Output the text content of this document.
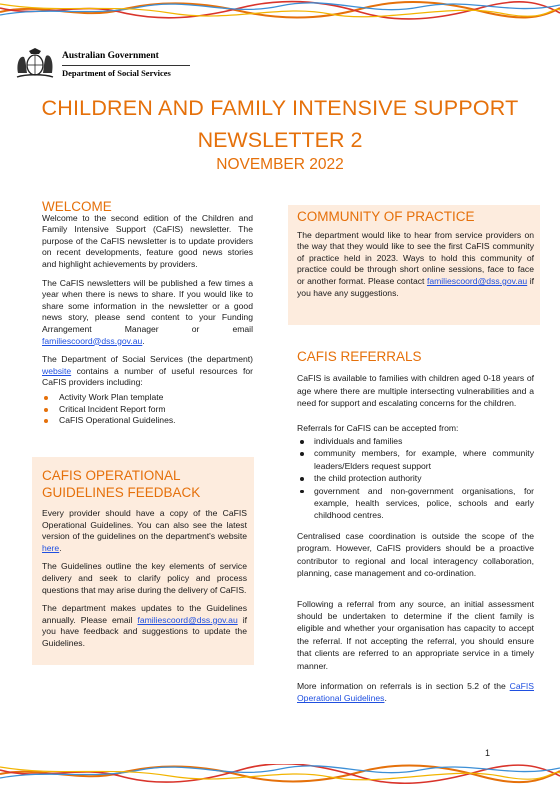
Australian Government
Department of Social Services
CHILDREN AND FAMILY INTENSIVE SUPPORT
NEWSLETTER 2
NOVEMBER 2022
WELCOME

Welcome to the second edition of the Children and Family Intensive Support (CaFIS) newsletter. The purpose of the CaFIS newsletter is to update providers on recent developments, feature good news stories and highlight achievements by providers.

The CaFIS newsletters will be published a few times a year when there is news to share. If you would like to share some information in the newsletter or a good news story, please send content to your Funding Arrangement Manager or email familiescoord@dss.gov.au.

The Department of Social Services (the department) website contains a number of useful resources for CaFIS providers including:

Activity Work Plan template
Critical Incident Report form
CaFIS Operational Guidelines.
CAFIS OPERATIONAL GUIDELINES FEEDBACK

Every provider should have a copy of the CaFIS Operational Guidelines. You can also see the latest version of the guidelines on the department's website here.

The Guidelines outline the key elements of service delivery and seek to clarify policy and process questions that may arise during the delivery of CaFIS.

The department makes updates to the Guidelines annually. Please email familiescoord@dss.gov.au if you have feedback and suggestions to update the Guidelines.

COMMUNITY OF PRACTICE

The department would like to hear from service providers on the way that they would like to see the first CaFIS community of practice held in 2023. Ways to hold this community of practice could be through short online sessions, face to face or another format. Please contact familiescoord@dss.gov.au if you have any suggestions.

CAFIS REFERRALS

CaFIS is available to families with children aged 0-18 years of age where there are multiple intersecting vulnerabilities and a need for support and escalating concerns for the children.

Referrals for CaFIS can be accepted from:

individuals and families
community members, for example, where community leaders/Elders request support
the child protection authority
government and non-government organisations, for example, health services, police, schools and early childhood centres.

Centralised case coordination is outside the scope of the program. However, CaFIS providers should be a proactive contributor to regional and local interagency collaboration, planning, case management and co-ordination.

Following a referral from any source, an initial assessment should be undertaken to determine if the client family is eligible and whether your organisation has capacity to accept the referral. If not accepting the referral, you should ensure that clients are referred to an appropriate service in a timely manner.

More information on referrals is in section 5.2 of the CaFIS Operational Guidelines.

1
